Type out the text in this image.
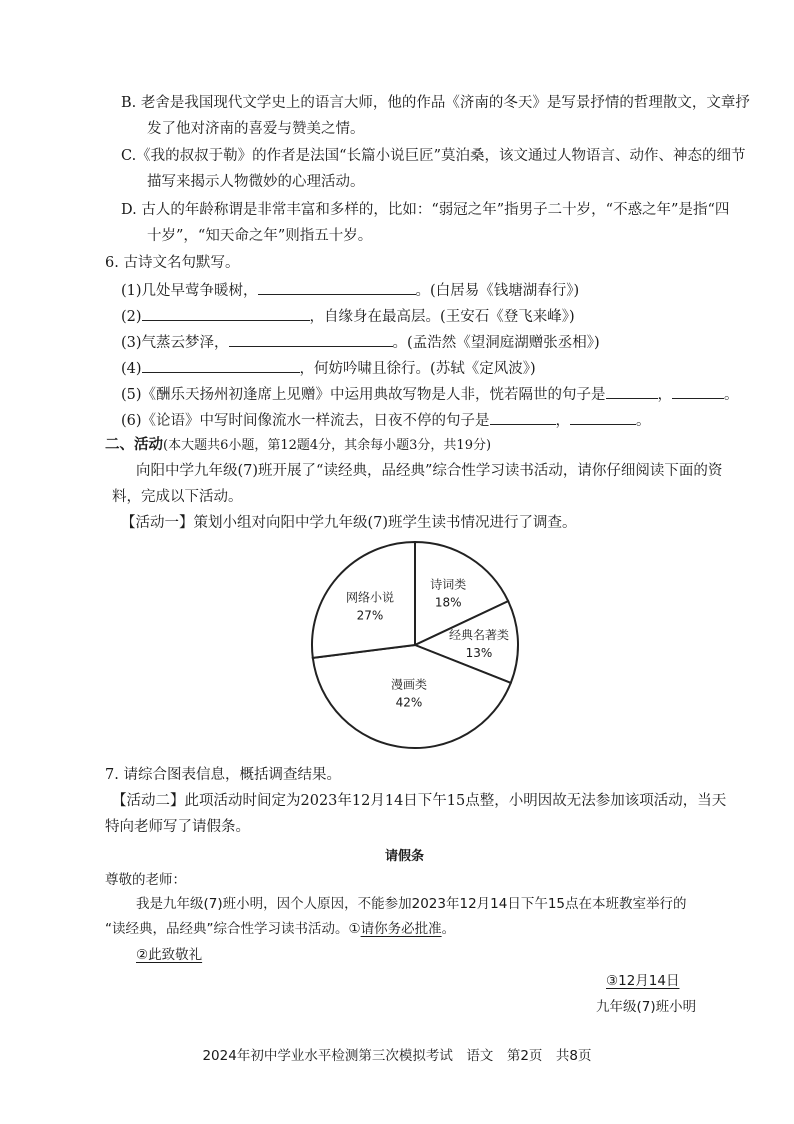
B. 老舍是我国现代文学史上的语言大师，他的作品《济南的冬天》是写景抒情的哲理散文，文章抒
发了他对济南的喜爱与赞美之情。
C.《我的叔叔于勒》的作者是法国“长篇小说巨匠”莫泊桑，该文通过人物语言、动作、神态的细节
描写来揭示人物微妙的心理活动。
D. 古人的年龄称谓是非常丰富和多样的，比如：“弱冠之年”指男子二十岁，“不惑之年”是指“四
十岁”，“知天命之年”则指五十岁。
6. 古诗文名句默写。
(1)几处早莺争暖树，	。(白居易《钱塘湖春行》)
(2)	，自缘身在最高层。(王安石《登飞来峰》)
(3)气蒸云梦泽，	。(孟浩然《望洞庭湖赠张丞相》)
(4)	，何妨吟啸且徐行。(苏轼《定风波》)
(5)《酬乐天扬州初逢席上见赠》中运用典故写物是人非，恍若隔世的句子是	，	。
(6)《论语》中写时间像流水一样流去，日夜不停的句子是	，	。
二、活动(本大题共6小题，第12题4分，其余每小题3分，共19分)
向阳中学九年级(7)班开展了“读经典，品经典”综合性学习读书活动，请你仔细阅读下面的资
料，完成以下活动。
【活动一】策划小组对向阳中学九年级(7)班学生读书情况进行了调查。
诗词类
18%
经典名著类
13%
漫画类
42%
网络小说
27%
7. 请综合图表信息，概括调查结果。
【活动二】此项活动时间定为2023年12月14日下午15点整，小明因故无法参加该项活动，当天
特向老师写了请假条。
请假条
尊敬的老师：
我是九年级(7)班小明，因个人原因，不能参加2023年12月14日下午15点在本班教室举行的
“读经典，品经典”综合性学习读书活动。①请你务必批准。
②此致敬礼
③12月14日
九年级(7)班小明
2024年初中学业水平检测第三次模拟考试　语文　第2页　共8页
